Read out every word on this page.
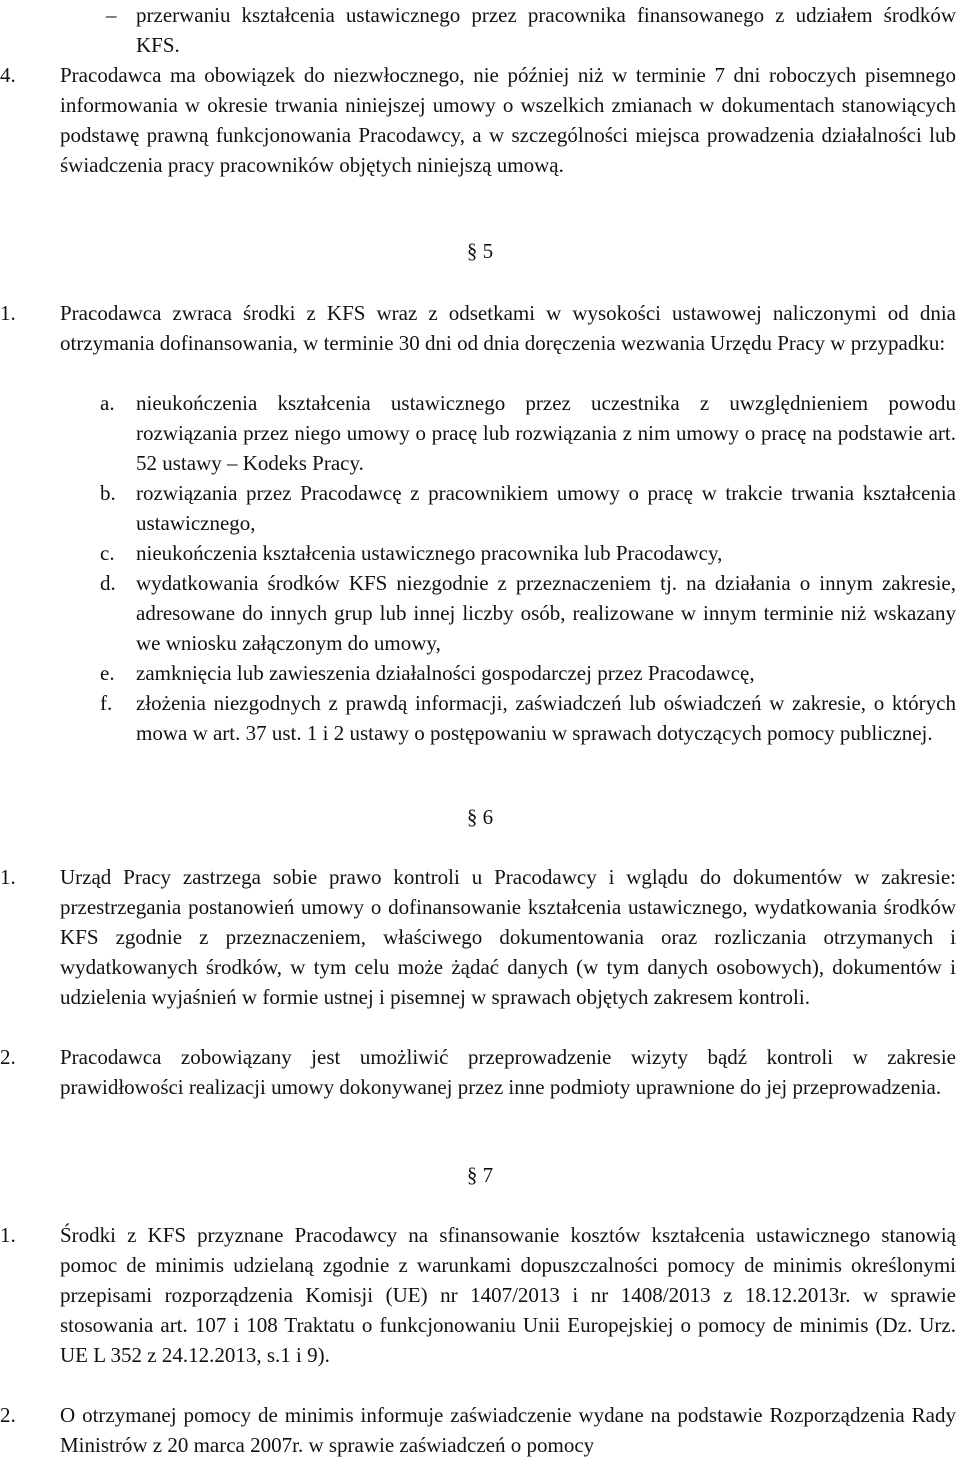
– przerwaniu kształcenia ustawicznego przez pracownika finansowanego z udziałem środków KFS.
4. Pracodawca ma obowiązek do niezwłocznego, nie później niż w terminie 7 dni roboczych pisemnego informowania w okresie trwania niniejszej umowy o wszelkich zmianach w dokumentach stanowiących podstawę prawną funkcjonowania Pracodawcy, a w szczególności miejsca prowadzenia działalności lub świadczenia pracy pracowników objętych niniejszą umową.
§ 5
1. Pracodawca zwraca środki z KFS wraz z odsetkami w wysokości ustawowej naliczonymi od dnia otrzymania dofinansowania, w terminie 30 dni od dnia doręczenia wezwania Urzędu Pracy w przypadku:
a. nieukończenia kształcenia ustawicznego przez uczestnika z uwzględnieniem powodu rozwiązania przez niego umowy o pracę lub rozwiązania z nim umowy o pracę na podstawie art. 52 ustawy – Kodeks Pracy.
b. rozwiązania przez Pracodawcę z pracownikiem umowy o pracę w trakcie trwania kształcenia ustawicznego,
c. nieukończenia kształcenia ustawicznego pracownika lub Pracodawcy,
d. wydatkowania środków KFS niezgodnie z przeznaczeniem tj. na działania o innym zakresie, adresowane do innych grup lub innej liczby osób, realizowane w innym terminie niż wskazany we wniosku załączonym do umowy,
e. zamknięcia lub zawieszenia działalności gospodarczej przez Pracodawcę,
f. złożenia niezgodnych z prawdą informacji, zaświadczeń lub oświadczeń w zakresie, o których mowa w art. 37 ust. 1 i 2 ustawy o postępowaniu w sprawach dotyczących pomocy publicznej.
§ 6
1. Urząd Pracy zastrzega sobie prawo kontroli u Pracodawcy i wglądu do dokumentów w zakresie: przestrzegania postanowień umowy o dofinansowanie kształcenia ustawicznego, wydatkowania środków KFS zgodnie z przeznaczeniem, właściwego dokumentowania oraz rozliczania otrzymanych i wydatkowanych środków, w tym celu może żądać danych (w tym danych osobowych), dokumentów i udzielenia wyjaśnień w formie ustnej i pisemnej w sprawach objętych zakresem kontroli.
2. Pracodawca zobowiązany jest umożliwić przeprowadzenie wizyty bądź kontroli w zakresie prawidłowości realizacji umowy dokonywanej przez inne podmioty uprawnione do jej przeprowadzenia.
§ 7
1. Środki z KFS przyznane Pracodawcy na sfinansowanie kosztów kształcenia ustawicznego stanowią pomoc de minimis udzielaną zgodnie z warunkami dopuszczalności pomocy de minimis określonymi przepisami rozporządzenia Komisji (UE) nr 1407/2013 i nr 1408/2013 z 18.12.2013r. w sprawie stosowania art. 107 i 108 Traktatu o funkcjonowaniu Unii Europejskiej o pomocy de minimis (Dz. Urz. UE L 352 z 24.12.2013, s.1 i 9).
2. O otrzymanej pomocy de minimis informuje zaświadczenie wydane na podstawie Rozporządzenia Rady Ministrów z 20 marca 2007r. w sprawie zaświadczeń o pomocy
